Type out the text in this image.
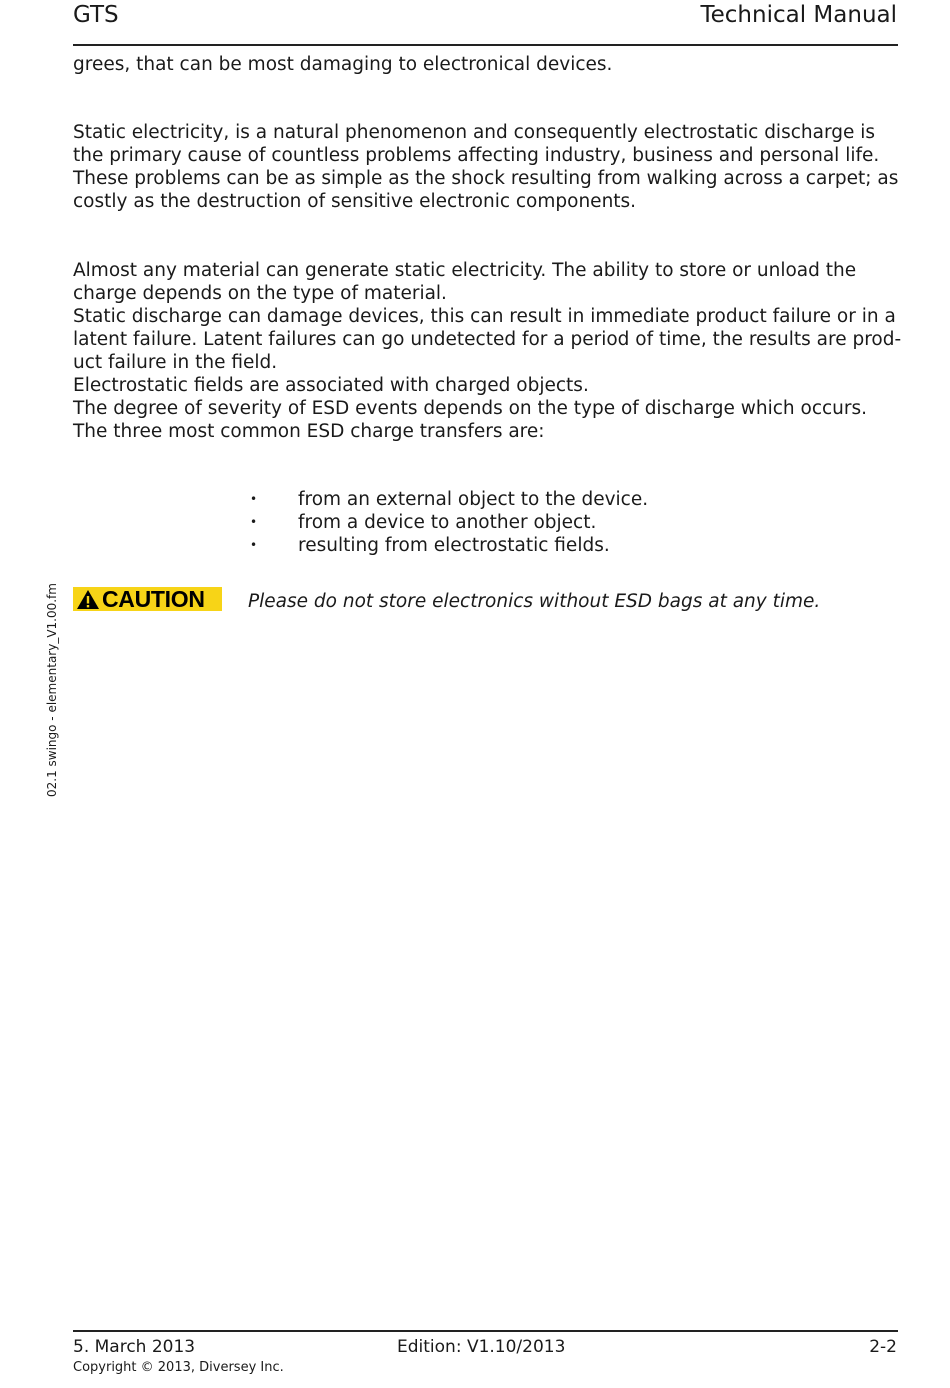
GTS	Technical Manual
02.1 swingo - elementary_V1.00.fm

grees, that can be most damaging to electronical devices.

Static electricity, is a natural phenomenon and consequently electrostatic discharge is the primary cause of countless problems affecting industry, business and personal life. These problems can be as simple as the shock resulting from walking across a carpet; as costly as the destruction of sensitive electronic components.

Almost any material can generate static electricity. The ability to store or unload the charge depends on the type of material.

Static discharge can damage devices, this can result in immediate product failure or in a latent failure. Latent failures can go undetected for a period of time, the results are prod-uct failure in the field.

Electrostatic fields are associated with charged objects.

The degree of severity of ESD events depends on the type of discharge which occurs. The three most common ESD charge transfers are:

•	from an external object to the device.
•	from a device to another object.
•	resulting from electrostatic fields.
CAUTION Please do not store electronics without ESD bags at any time.
5. March 2013	Edition: V1.10/2013	2-2
Copyright © 2013, Diversey Inc.
